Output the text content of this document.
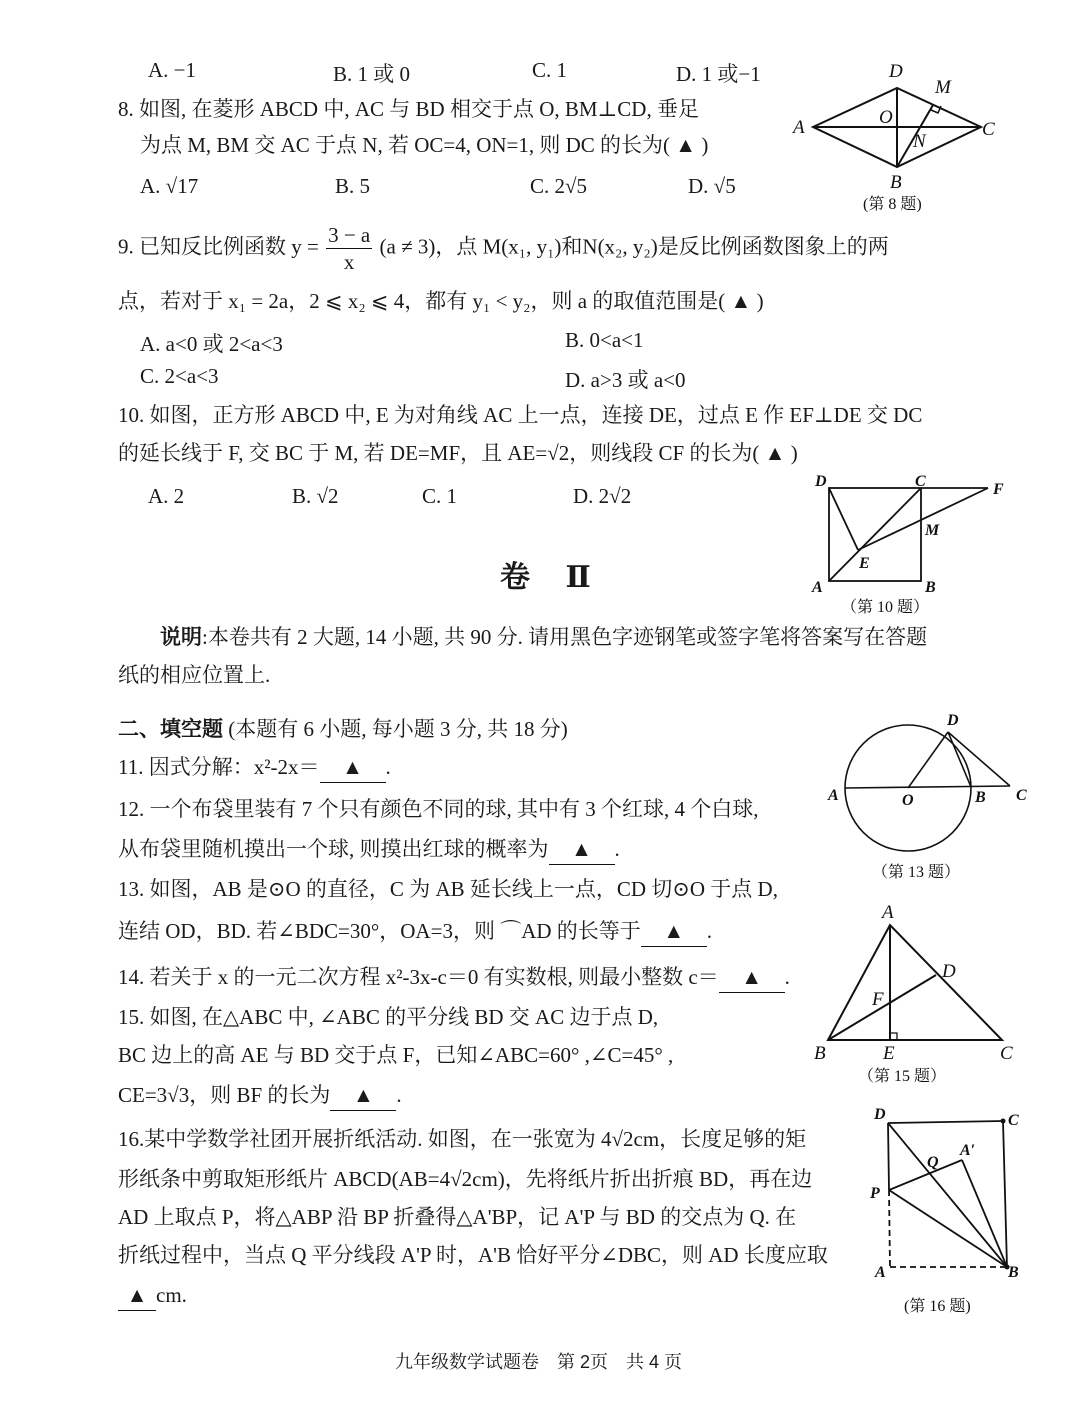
A. −1	B. 1 或 0	C. 1	D. 1 或−1
8. 如图, 在菱形 ABCD 中, AC 与 BD 相交于点 O, BM⊥CD, 垂足
为点 M, BM 交 AC 于点 N, 若 OC=4, ON=1, 则 DC 的长为( ▲ )
A. √17	B. 5	C. 2√5	D. √5
A
D
M
O
C
N
B
(第 8 题)
9. 已知反比例函数 $y = \frac{3 - a}{x} (a \ne 3)$，点 M(x₁, y₁)和N(x₂, y₂)是反比例函数图象上的两
点，若对于 x₁ = 2a，2 ⩽ x₂ ⩽ 4，都有 y₁ < y₂，则 a 的取值范围是( ▲ )
A. a<0 或 2<a<3	B. 0<a<1
C. 2<a<3	D. a>3 或 a<0
10. 如图，正方形 ABCD 中, E 为对角线 AC 上一点，连接 DE，过点 E 作 EF⊥DE 交 DC
的延长线于 F, 交 BC 于 M, 若 DE=MF，且 AE=√2，则线段 CF 的长为( ▲ )
A. 2	B. √2	C. 1	D. 2√2
D	C	F
M
E
A	B
（第 10 题）
卷 Ⅱ
说明:本卷共有 2 大题, 14 小题, 共 90 分. 请用黑色字迹钢笔或签字笔将答案写在答题
纸的相应位置上.
二、填空题 (本题有 6 小题, 每小题 3 分, 共 18 分)
11. 因式分解：x²-2x＝ ▲ .
12. 一个布袋里装有 7 个只有颜色不同的球, 其中有 3 个红球, 4 个白球,
从布袋里随机摸出一个球, 则摸出红球的概率为 ▲ .
A	O	B C
D
（第 13 题）
13. 如图，AB 是⊙O 的直径，C 为 AB 延长线上一点，CD 切⊙O 于点 D,
连结 OD，BD. 若∠BDC=30°，OA=3，则 ⌒AD 的长等于 ▲ .
14. 若关于 x 的一元二次方程 x²-3x-c＝0 有实数根, 则最小整数 c＝ ▲ .
15. 如图, 在△ABC 中, ∠ABC 的平分线 BD 交 AC 边于点 D,
BC 边上的高 AE 与 BD 交于点 F，已知∠ABC=60° ,∠C=45° ,
CE=3√3，则 BF 的长为 ▲ .
A
D
F
B	E	C
（第 15 题）
16.某中学数学社团开展折纸活动. 如图，在一张宽为 4√2cm，长度足够的矩
形纸条中剪取矩形纸片 ABCD(AB=4√2cm)，先将纸片折出折痕 BD，再在边
AD 上取点 P，将△ABP 沿 BP 折叠得△A'BP，记 A'P 与 BD 的交点为 Q. 在
折纸过程中，当点 Q 平分线段 A'P 时，A'B 恰好平分∠DBC，则 AD 长度应取
▲ cm.
D	C
A′
Q
P
A	B
(第 16 题)
九年级数学试题卷　第 2页　共 4 页
